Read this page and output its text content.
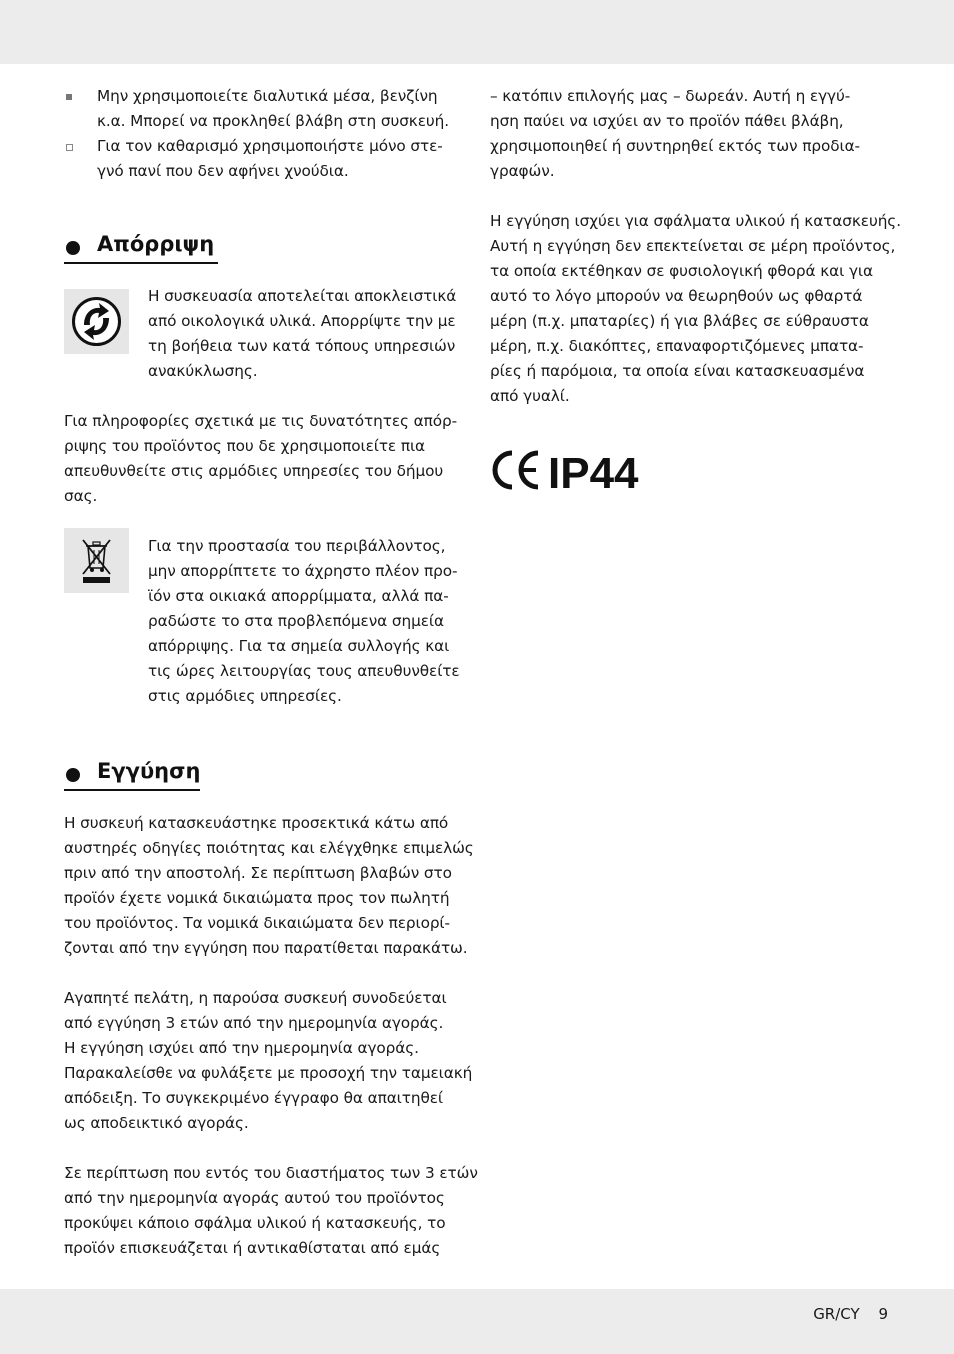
Μην χρησιμοποιείτε διαλυτικά μέσα, βενζίνη
κ.α. Μπορεί να προκληθεί βλάβη στη συσκευή.
Για τον καθαρισμό χρησιμοποιήστε μόνο στε-
γνό πανί που δεν αφήνει χνούδια.
Απόρριψη
Η συσκευασία αποτελείται αποκλειστικά
από οικολογικά υλικά. Απορρίψτε την με
τη βοήθεια των κατά τόπους υπηρεσιών
ανακύκλωσης.
Για πληροφορίες σχετικά με τις δυνατότητες απόρ-
ριψης του προϊόντος που δε χρησιμοποιείτε πια
απευθυνθείτε στις αρμόδιες υπηρεσίες του δήμου
σας.
Για την προστασία του περιβάλλοντος,
μην απορρίπτετε το άχρηστο πλέον προ-
ϊόν στα οικιακά απορρίμματα, αλλά πα-
ραδώστε το στα προβλεπόμενα σημεία
απόρριψης. Για τα σημεία συλλογής και
τις ώρες λειτουργίας τους απευθυνθείτε
στις αρμόδιες υπηρεσίες.
Εγγύηση
Η συσκευή κατασκευάστηκε προσεκτικά κάτω από
αυστηρές οδηγίες ποιότητας και ελέγχθηκε επιμελώς
πριν από την αποστολή. Σε περίπτωση βλαβών στο
προϊόν έχετε νομικά δικαιώματα προς τον πωλητή
του προϊόντος. Τα νομικά δικαιώματα δεν περιορί-
ζονται από την εγγύηση που παρατίθεται παρακάτω.
Αγαπητέ πελάτη, η παρούσα συσκευή συνοδεύεται
από εγγύηση 3 ετών από την ημερομηνία αγοράς.
Η εγγύηση ισχύει από την ημερομηνία αγοράς.
Παρακαλείσθε να φυλάξετε με προσοχή την ταμειακή
απόδειξη. Το συγκεκριμένο έγγραφο θα απαιτηθεί
ως αποδεικτικό αγοράς.
Σε περίπτωση που εντός του διαστήματος των 3 ετών
από την ημερομηνία αγοράς αυτού του προϊόντος
προκύψει κάποιο σφάλμα υλικού ή κατασκευής, το
προϊόν επισκευάζεται ή αντικαθίσταται από εμάς
– κατόπιν επιλογής μας – δωρεάν. Αυτή η εγγύ-
ηση παύει να ισχύει αν το προϊόν πάθει βλάβη,
χρησιμοποιηθεί ή συντηρηθεί εκτός των προδια-
γραφών.
Η εγγύηση ισχύει για σφάλματα υλικού ή κατασκευής.
Αυτή η εγγύηση δεν επεκτείνεται σε μέρη προϊόντος,
τα οποία εκτέθηκαν σε φυσιολογική φθορά και για
αυτό το λόγο μπορούν να θεωρηθούν ως φθαρτά
μέρη (π.χ. μπαταρίες) ή για βλάβες σε εύθραυστα
μέρη, π.χ. διακόπτες, επαναφορτιζόμενες μπατα-
ρίες ή παρόμοια, τα οποία είναι κατασκευασμένα
από γυαλί.
IP44
GR/CY 9
